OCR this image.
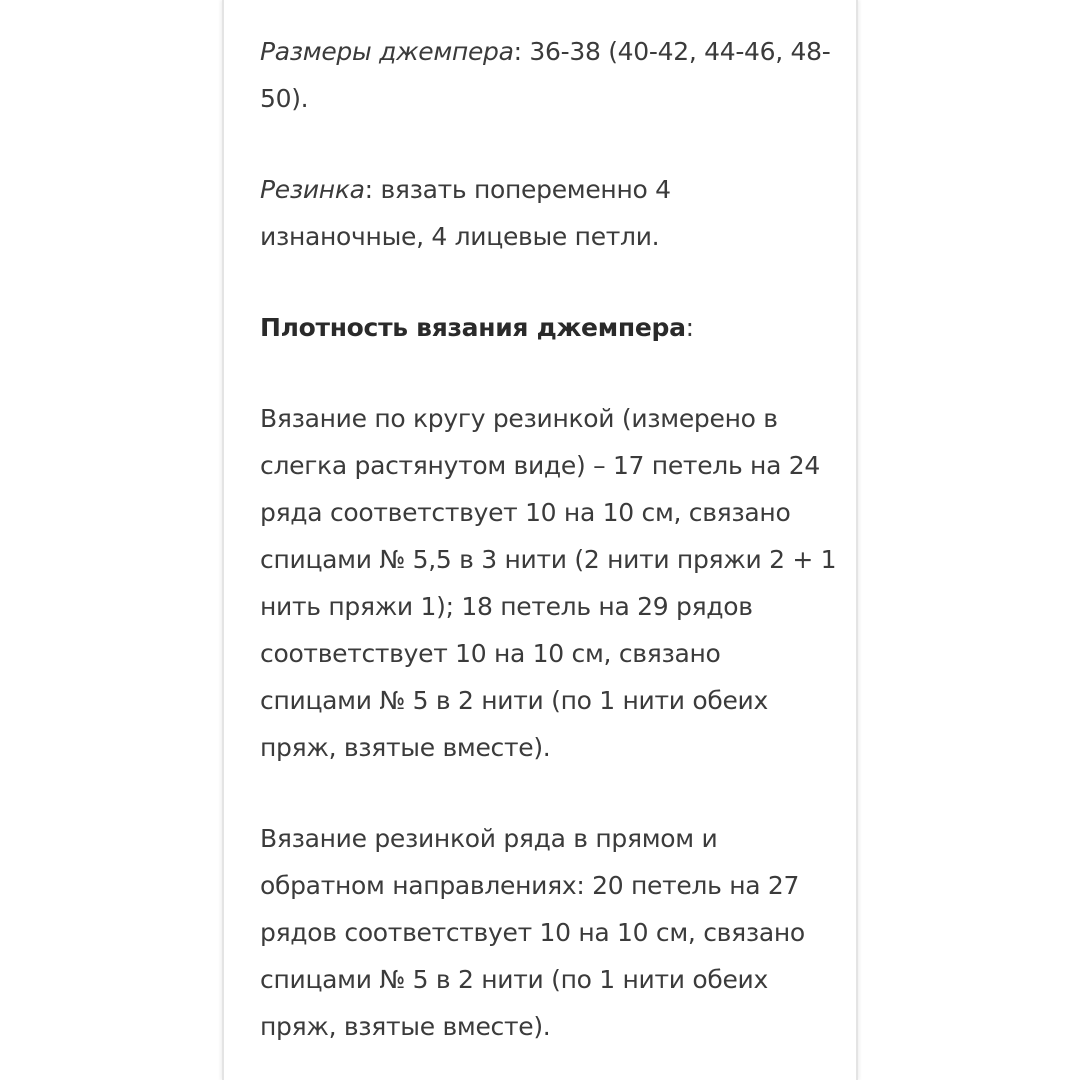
Размеры джемпера: 36-38 (40-42, 44-46, 48-
50).

Резинка: вязать попеременно 4
изнаночные, 4 лицевые петли.

Плотность вязания джемпера:

Вязание по кругу резинкой (измерено в
слегка растянутом виде) – 17 петель на 24
ряда соответствует 10 на 10 см, связано
спицами № 5,5 в 3 нити (2 нити пряжи 2 + 1
нить пряжи 1); 18 петель на 29 рядов
соответствует 10 на 10 см, связано
спицами № 5 в 2 нити (по 1 нити обеих
пряж, взятые вместе).

Вязание резинкой ряда в прямом и
обратном направлениях: 20 петель на 27
рядов соответствует 10 на 10 см, связано
спицами № 5 в 2 нити (по 1 нити обеих
пряж, взятые вместе).
